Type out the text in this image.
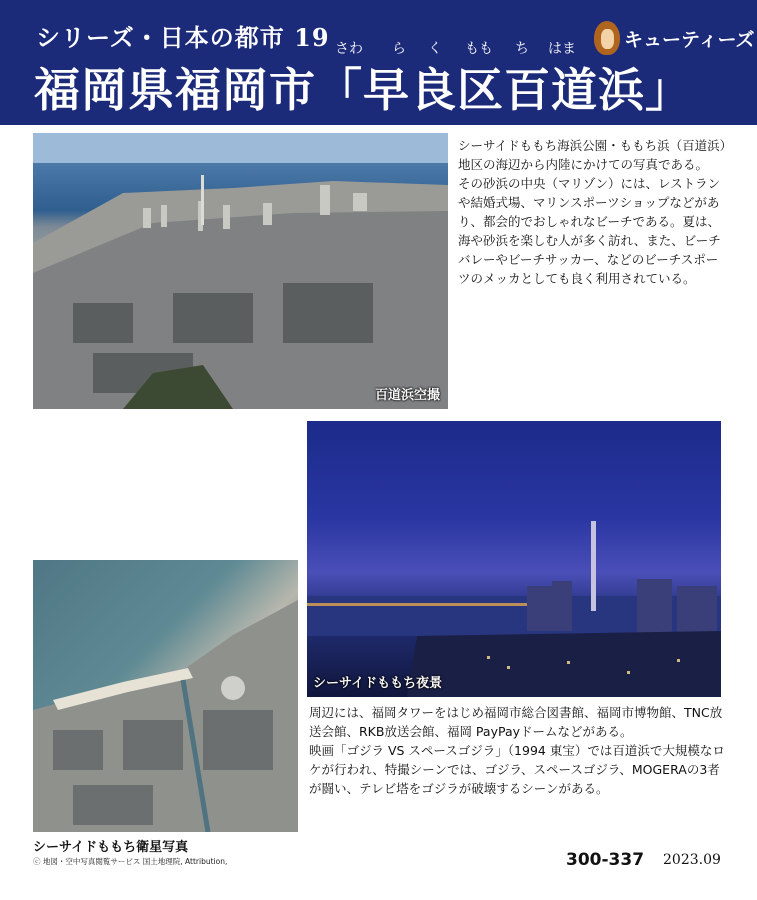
シリーズ・日本の都市 19 さわ ら く もも ち はま
福岡県福岡市「早良区百道浜」
キューティーズ
百道浜空撮

シーサイドももち海浜公園・ももち浜（百道浜）地区の海辺から内陸にかけての写真である。

その砂浜の中央（マリゾン）には、レストランや結婚式場、マリンスポーツショップなどがあり、都会的でおしゃれなビーチである。夏は、海や砂浜を楽しむ人が多く訪れ、また、ビーチバレーやビーチサッカー、などのビーチスポーツのメッカとしても良く利用されている。

シーサイドももち夜景
シーサイドももち衛星写真
ⓒ 地図・空中写真閲覧サービス 国土地理院, Attribution,

周辺には、福岡タワーをはじめ福岡市総合図書館、福岡市博物館、TNC放送会館、RKB放送会館、福岡 PayPayドームなどがある。

映画「ゴジラ VS スペースゴジラ」（1994 東宝）では百道浜で大規模なロケが行われ、特撮シーンでは、ゴジラ、スペースゴジラ、MOGERAの3者が闘い、テレビ塔をゴジラが破壊するシーンがある。

300-337 2023.09
